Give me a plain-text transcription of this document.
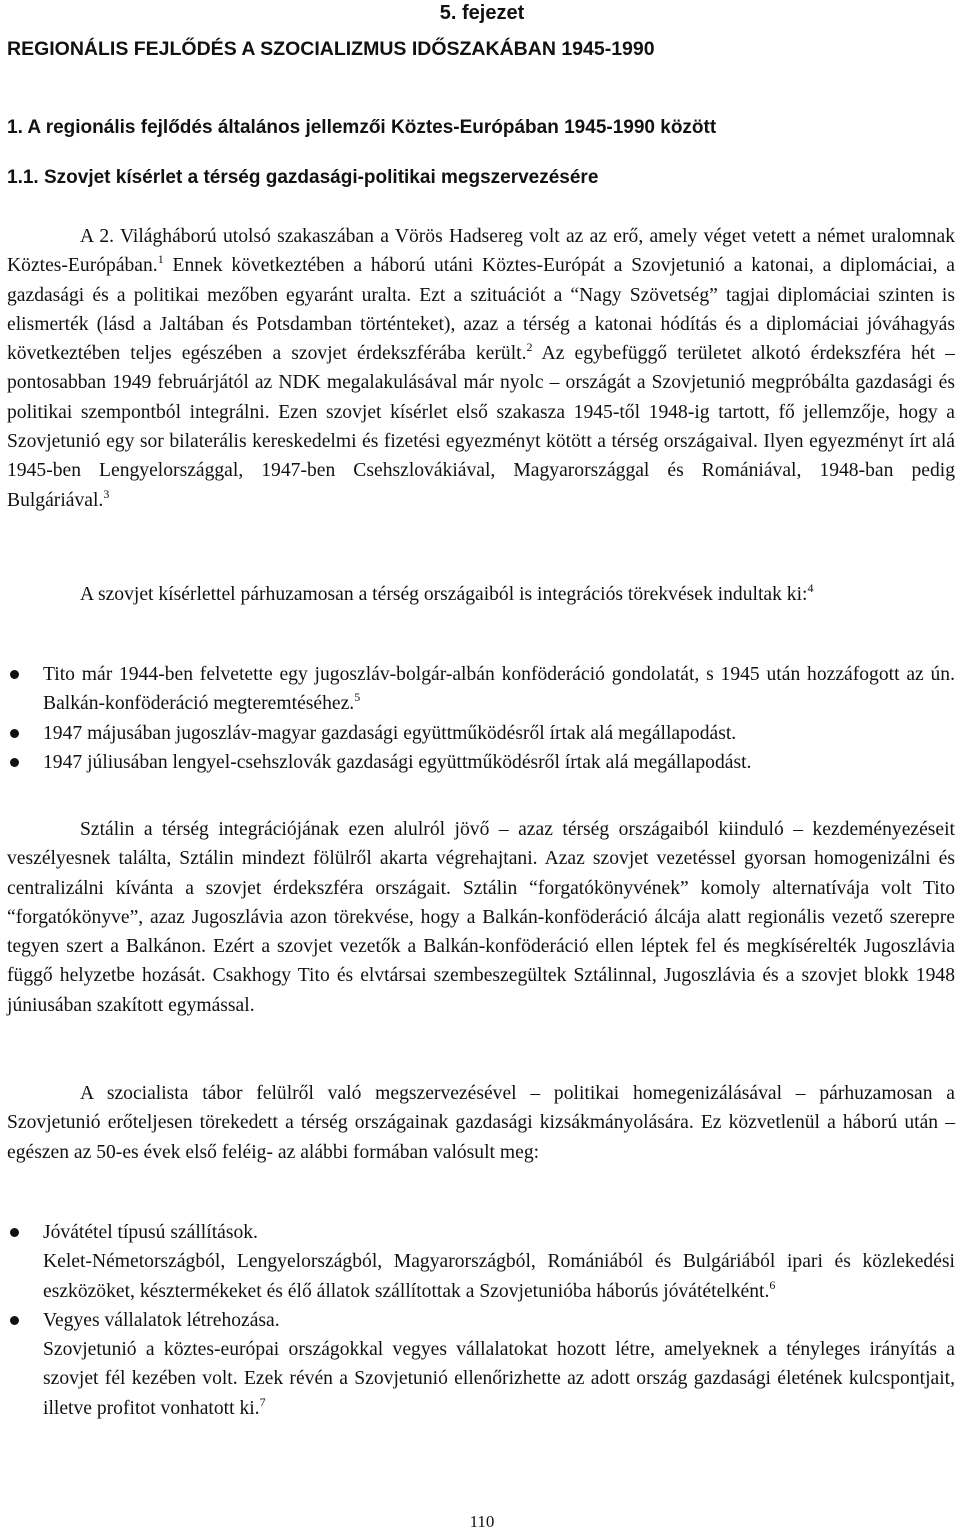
5. fejezet
REGIONÁLIS FEJLŐDÉS A SZOCIALIZMUS IDŐSZAKÁBAN 1945-1990
1. A regionális fejlődés általános jellemzői Köztes-Európában 1945-1990 között
1.1. Szovjet kísérlet a térség gazdasági-politikai megszervezésére

A 2. Világháború utolsó szakaszában a Vörös Hadsereg volt az az erő, amely véget vetett a német uralomnak Köztes-Európában.$^1$ Ennek következtében a háború utáni Köztes-Európát a Szovjetunió a katonai, a diplomáciai, a gazdasági és a politikai mezőben egyaránt uralta. Ezt a szituációt a “Nagy Szövetség” tagjai diplomáciai szinten is elismerték (lásd a Jaltában és Potsdamban történteket), azaz a térség a katonai hódítás és a diplomáciai jóváhagyás következtében teljes egészében a szovjet érdekszférába került.$^2$ Az egybefüggő területet alkotó érdekszféra hét – pontosabban 1949 februárjától az NDK megalakulásával már nyolc – országát a Szovjetunió megpróbálta gazdasági és politikai szempontból integrálni. Ezen szovjet kísérlet első szakasza 1945-től 1948-ig tartott, fő jellemzője, hogy a Szovjetunió egy sor bilaterális kereskedelmi és fizetési egyezményt kötött a térség országaival. Ilyen egyezményt írt alá 1945-ben Lengyelországgal, 1947-ben Csehszlovákiával, Magyarországgal és Romániával, 1948-ban pedig Bulgáriával.$^3$

A szovjet kísérlettel párhuzamosan a térség országaiból is integrációs törekvések indultak ki:$^4$

Tito már 1944-ben felvetette egy jugoszláv-bolgár-albán konföderáció gondolatát, s 1945 után hozzáfogott az ún. Balkán-konföderáció megteremtéséhez.$^5$
1947 májusában jugoszláv-magyar gazdasági együttműködésről írtak alá megállapodást.
1947 júliusában lengyel-csehszlovák gazdasági együttműködésről írtak alá megállapodást.

Sztálin a térség integrációjának ezen alulról jövő – azaz térség országaiból kiinduló – kezdeményezéseit veszélyesnek találta, Sztálin mindezt fölülről akarta végrehajtani. Azaz szovjet vezetéssel gyorsan homogenizálni és centralizálni kívánta a szovjet érdekszféra országait. Sztálin “forgatókönyvének” komoly alternatívája volt Tito “forgatókönyve”, azaz Jugoszlávia azon törekvése, hogy a Balkán-konföderáció álcája alatt regionális vezető szerepre tegyen szert a Balkánon. Ezért a szovjet vezetők a Balkán-konföderáció ellen léptek fel és megkísérelték Jugoszlávia függő helyzetbe hozását. Csakhogy Tito és elvtársai szembeszegültek Sztálinnal, Jugoszlávia és a szovjet blokk 1948 júniusában szakított egymással.

A szocialista tábor felülről való megszervezésével – politikai homegenizálásával – párhuzamosan a Szovjetunió erőteljesen törekedett a térség országainak gazdasági kizsákmányolására. Ez közvetlenül a háború után – egészen az 50-es évek első feléig- az alábbi formában valósult meg:

Jóvátétel típusú szállítások.
Kelet-Németországból, Lengyelországból, Magyarországból, Romániából és Bulgáriából ipari és közlekedési eszközöket, késztermékeket és élő állatok szállítottak a Szovjetunióba háborús jóvátételként.$^6$
Vegyes vállalatok létrehozása.
Szovjetunió a köztes-európai országokkal vegyes vállalatokat hozott létre, amelyeknek a tényleges irányítás a szovjet fél kezében volt. Ezek révén a Szovjetunió ellenőrizhette az adott ország gazdasági életének kulcspontjait, illetve profitot vonhatott ki.$^7$
110
